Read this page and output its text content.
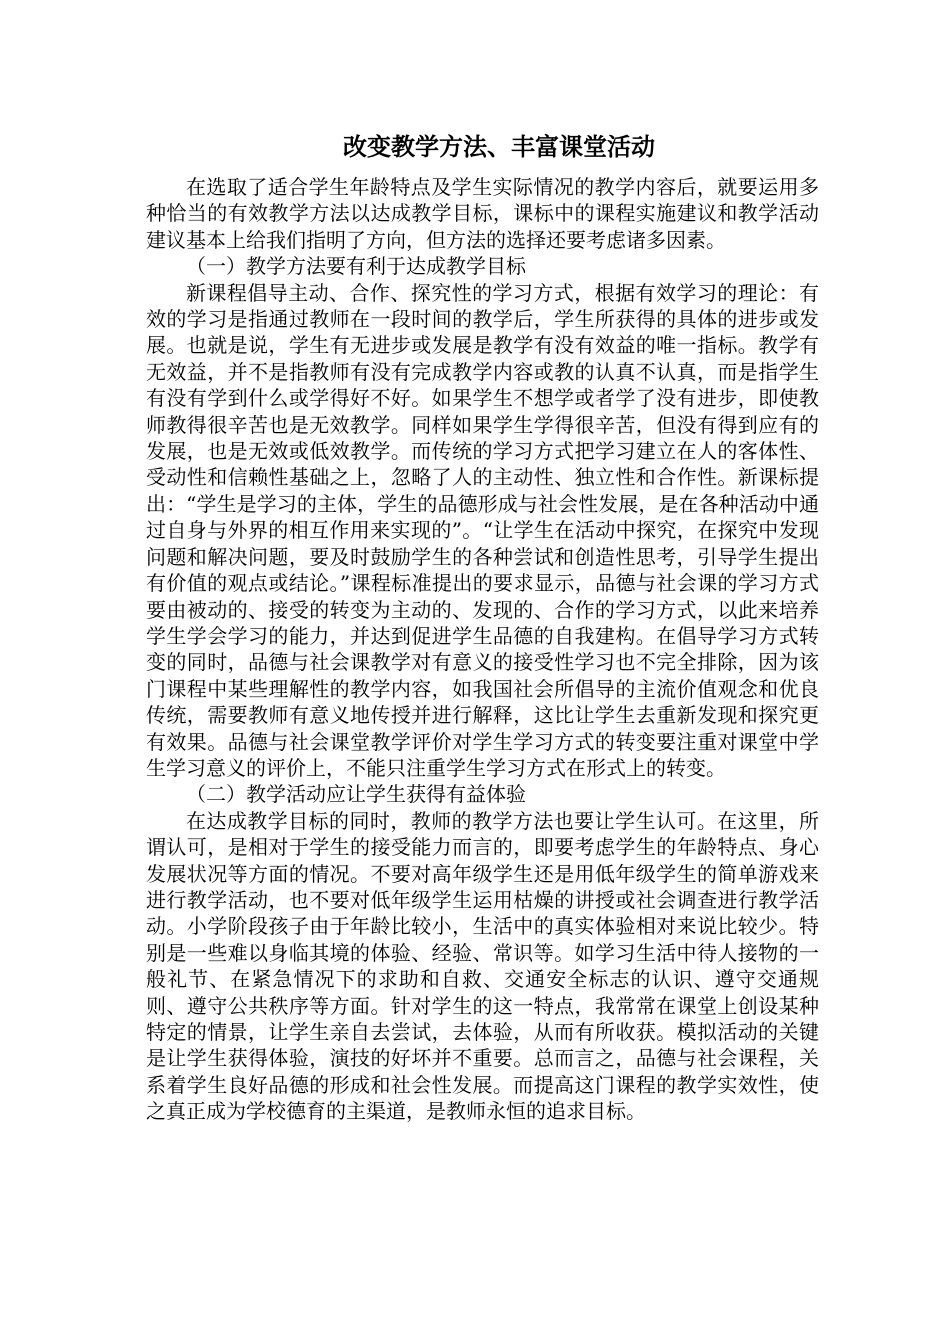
改变教学方法、丰富课堂活动

在选取了适合学生年龄特点及学生实际情况的教学内容后，就要运用多种恰当的有效教学方法以达成教学目标，课标中的课程实施建议和教学活动建议基本上给我们指明了方向，但方法的选择还要考虑诸多因素。

（一）教学方法要有利于达成教学目标

新课程倡导主动、合作、探究性的学习方式，根据有效学习的理论：有效的学习是指通过教师在一段时间的教学后，学生所获得的具体的进步或发展。也就是说，学生有无进步或发展是教学有没有效益的唯一指标。教学有无效益，并不是指教师有没有完成教学内容或教的认真不认真，而是指学生有没有学到什么或学得好不好。如果学生不想学或者学了没有进步，即使教师教得很辛苦也是无效教学。同样如果学生学得很辛苦，但没有得到应有的发展，也是无效或低效教学。而传统的学习方式把学习建立在人的客体性、受动性和信赖性基础之上，忽略了人的主动性、独立性和合作性。新课标提出：“学生是学习的主体，学生的品德形成与社会性发展，是在各种活动中通过自身与外界的相互作用来实现的”。“让学生在活动中探究，在探究中发现问题和解决问题，要及时鼓励学生的各种尝试和创造性思考，引导学生提出有价值的观点或结论。”课程标准提出的要求显示，品德与社会课的学习方式要由被动的、接受的转变为主动的、发现的、合作的学习方式，以此来培养学生学会学习的能力，并达到促进学生品德的自我建构。在倡导学习方式转变的同时，品德与社会课教学对有意义的接受性学习也不完全排除，因为该门课程中某些理解性的教学内容，如我国社会所倡导的主流价值观念和优良传统，需要教师有意义地传授并进行解释，这比让学生去重新发现和探究更有效果。品德与社会课堂教学评价对学生学习方式的转变要注重对课堂中学生学习意义的评价上，不能只注重学生学习方式在形式上的转变。

（二）教学活动应让学生获得有益体验

在达成教学目标的同时，教师的教学方法也要让学生认可。在这里，所谓认可，是相对于学生的接受能力而言的，即要考虑学生的年龄特点、身心发展状况等方面的情况。不要对高年级学生还是用低年级学生的简单游戏来进行教学活动，也不要对低年级学生运用枯燥的讲授或社会调查进行教学活动。小学阶段孩子由于年龄比较小，生活中的真实体验相对来说比较少。特别是一些难以身临其境的体验、经验、常识等。如学习生活中待人接物的一般礼节、在紧急情况下的求助和自救、交通安全标志的认识、遵守交通规则、遵守公共秩序等方面。针对学生的这一特点，我常常在课堂上创设某种特定的情景，让学生亲自去尝试，去体验，从而有所收获。模拟活动的关键是让学生获得体验，演技的好坏并不重要。总而言之，品德与社会课程，关系着学生良好品德的形成和社会性发展。而提高这门课程的教学实效性，使之真正成为学校德育的主渠道，是教师永恒的追求目标。
